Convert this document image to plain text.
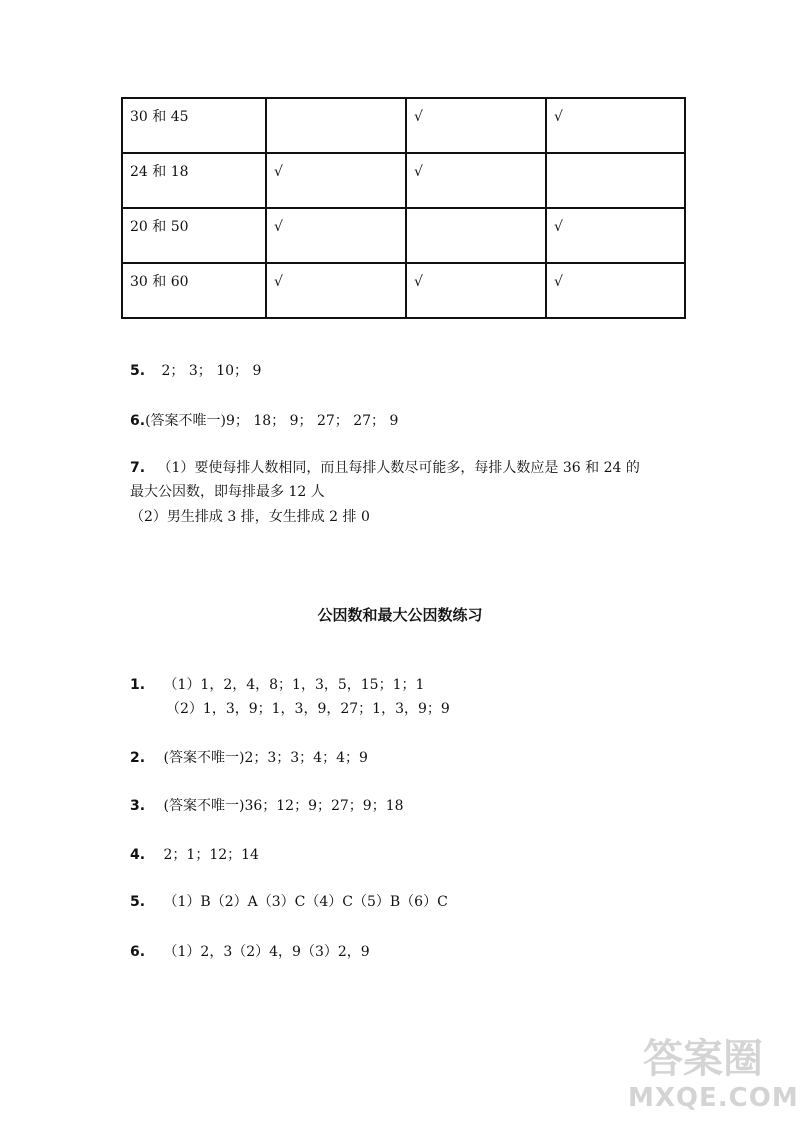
30 和 45		√	√
24 和 18	√	√	
20 和 50	√		√
30 和 60	√	√	√
5. 2； 3； 10； 9
6.(答案不唯一)9； 18； 9； 27； 27； 9
7. （1）要使每排人数相同，而且每排人数尽可能多，每排人数应是 36 和 24 的
最大公因数，即每排最多 12 人
（2）男生排成 3 排，女生排成 2 排 0
公因数和最大公因数练习
1. （1）1，2，4，8；1，3，5，15；1；1
（2）1，3，9；1，3，9，27；1，3，9；9
2. (答案不唯一)2；3；3；4；4；9
3. (答案不唯一)36；12；9；27；9；18
4. 2；1；12；14
5. （1）B（2）A（3）C（4）C（5）B（6）C
6. （1）2，3（2）4，9（3）2，9
答案圈
MXQE.COM
